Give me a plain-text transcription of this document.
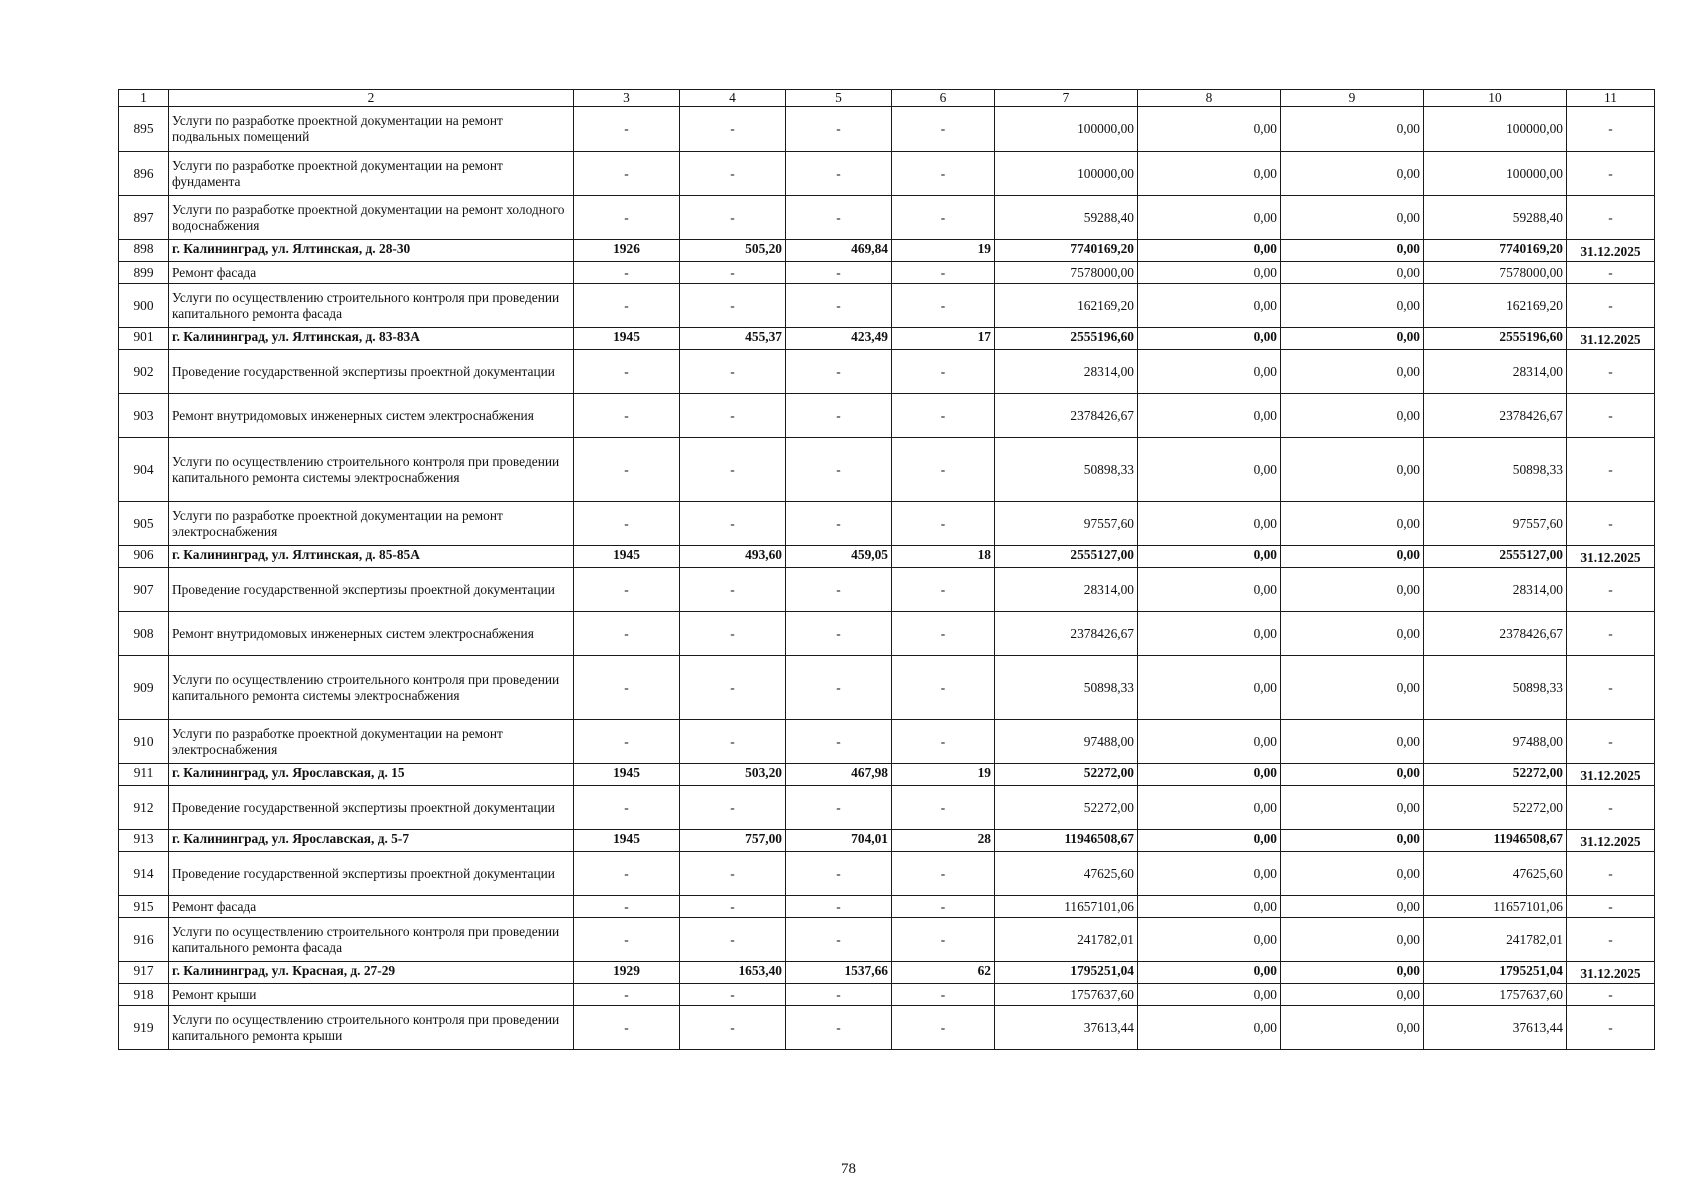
1	2	3	4	5	6	7	8	9	10	11
895	Услуги по разработке проектной документации на ремонт подвальных помещений	-	-	-	-	100000,00	0,00	0,00	100000,00	-
896	Услуги по разработке проектной документации на ремонт фундамента	-	-	-	-	100000,00	0,00	0,00	100000,00	-
897	Услуги по разработке проектной документации на ремонт холодного водоснабжения	-	-	-	-	59288,40	0,00	0,00	59288,40	-
898	г. Калининград, ул. Ялтинская, д. 28-30	1926	505,20	469,84	19	7740169,20	0,00	0,00	7740169,20	31.12.2025
899	Ремонт фасада	-	-	-	-	7578000,00	0,00	0,00	7578000,00	-
900	Услуги по осуществлению строительного контроля при проведении капитального ремонта фасада	-	-	-	-	162169,20	0,00	0,00	162169,20	-
901	г. Калининград, ул. Ялтинская, д. 83-83А	1945	455,37	423,49	17	2555196,60	0,00	0,00	2555196,60	31.12.2025
902	Проведение государственной экспертизы проектной документации	-	-	-	-	28314,00	0,00	0,00	28314,00	-
903	Ремонт внутридомовых инженерных систем электроснабжения	-	-	-	-	2378426,67	0,00	0,00	2378426,67	-
904	Услуги по осуществлению строительного контроля при проведении капитального ремонта системы электроснабжения	-	-	-	-	50898,33	0,00	0,00	50898,33	-
905	Услуги по разработке проектной документации на ремонт электроснабжения	-	-	-	-	97557,60	0,00	0,00	97557,60	-
906	г. Калининград, ул. Ялтинская, д. 85-85А	1945	493,60	459,05	18	2555127,00	0,00	0,00	2555127,00	31.12.2025
907	Проведение государственной экспертизы проектной документации	-	-	-	-	28314,00	0,00	0,00	28314,00	-
908	Ремонт внутридомовых инженерных систем электроснабжения	-	-	-	-	2378426,67	0,00	0,00	2378426,67	-
909	Услуги по осуществлению строительного контроля при проведении капитального ремонта системы электроснабжения	-	-	-	-	50898,33	0,00	0,00	50898,33	-
910	Услуги по разработке проектной документации на ремонт электроснабжения	-	-	-	-	97488,00	0,00	0,00	97488,00	-
911	г. Калининград, ул. Ярославская, д. 15	1945	503,20	467,98	19	52272,00	0,00	0,00	52272,00	31.12.2025
912	Проведение государственной экспертизы проектной документации	-	-	-	-	52272,00	0,00	0,00	52272,00	-
913	г. Калининград, ул. Ярославская, д. 5-7	1945	757,00	704,01	28	11946508,67	0,00	0,00	11946508,67	31.12.2025
914	Проведение государственной экспертизы проектной документации	-	-	-	-	47625,60	0,00	0,00	47625,60	-
915	Ремонт фасада	-	-	-	-	11657101,06	0,00	0,00	11657101,06	-
916	Услуги по осуществлению строительного контроля при проведении капитального ремонта фасада	-	-	-	-	241782,01	0,00	0,00	241782,01	-
917	г. Калининград, ул. Красная, д. 27-29	1929	1653,40	1537,66	62	1795251,04	0,00	0,00	1795251,04	31.12.2025
918	Ремонт крыши	-	-	-	-	1757637,60	0,00	0,00	1757637,60	-
919	Услуги по осуществлению строительного контроля при проведении капитального ремонта крыши	-	-	-	-	37613,44	0,00	0,00	37613,44	-
78
